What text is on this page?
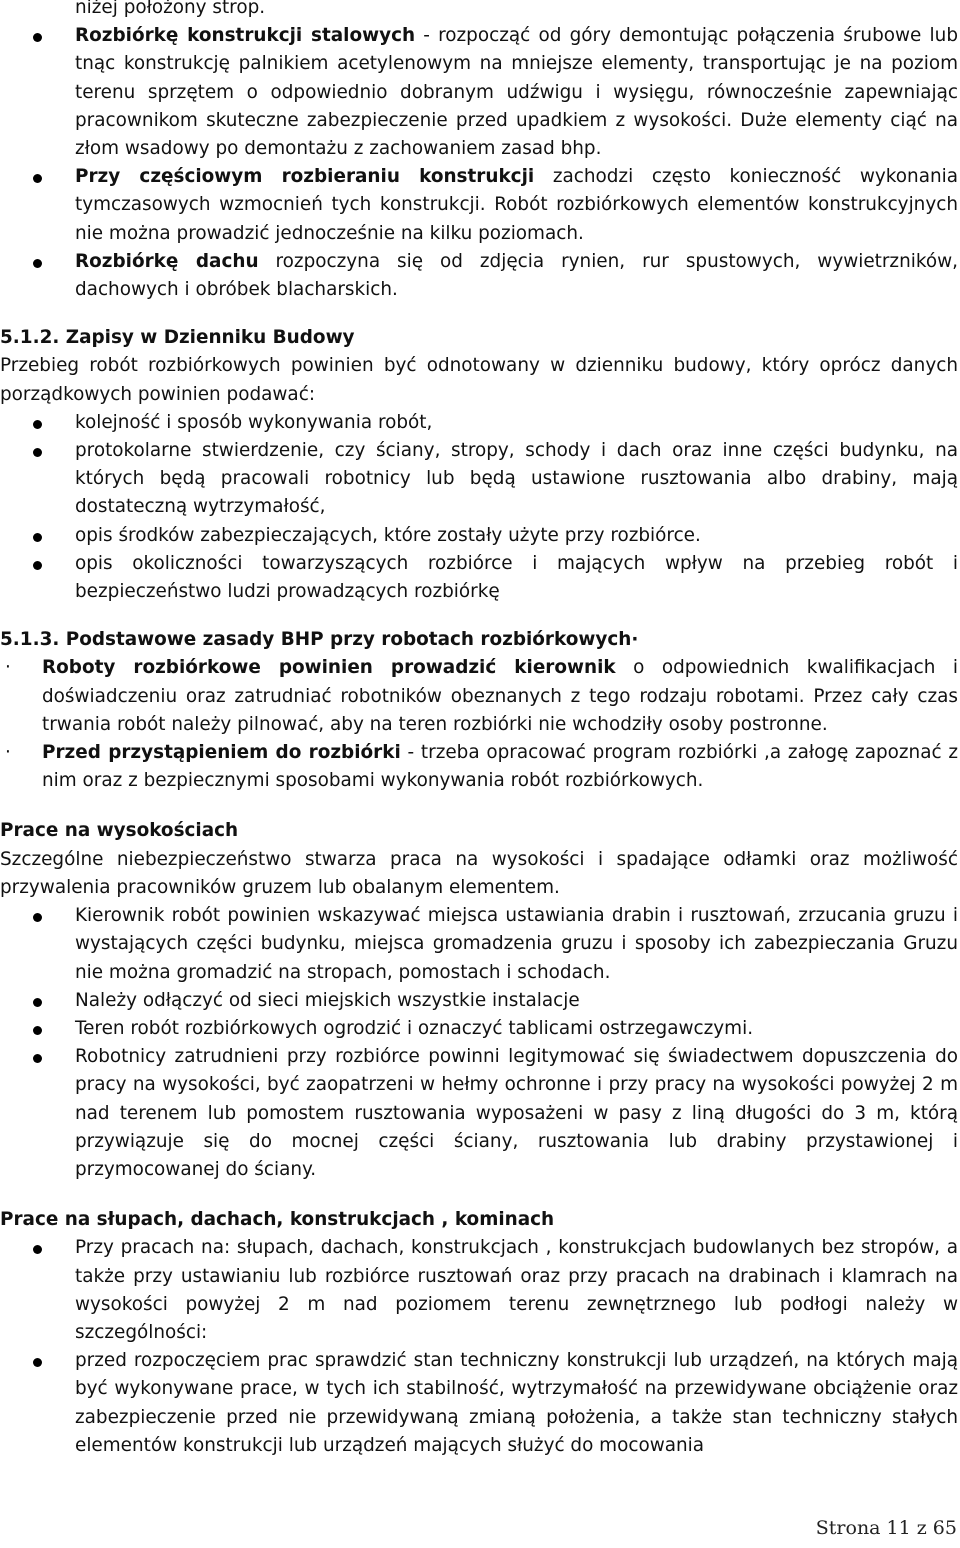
niżej położony strop.

Rozbiórkę konstrukcji stalowych - rozpocząć od góry demontując połączenia śrubowe lub tnąc konstrukcję palnikiem acetylenowym na mniejsze elementy, transportując je na poziom terenu sprzętem o odpowiednio dobranym udźwigu i wysięgu, równocześnie zapewniając pracownikom skuteczne zabezpieczenie przed upadkiem z wysokości. Duże elementy ciąć na złom wsadowy po demontażu z zachowaniem zasad bhp.
Przy częściowym rozbieraniu konstrukcji zachodzi często konieczność wykonania tymczasowych wzmocnień tych konstrukcji. Robót rozbiórkowych elementów konstrukcyjnych nie można prowadzić jednocześnie na kilku poziomach.
Rozbiórkę dachu rozpoczyna się od zdjęcia rynien, rur spustowych, wywietrzników, dachowych i obróbek blacharskich.

5.1.2. Zapisy w Dzienniku Budowy

Przebieg robót rozbiórkowych powinien być odnotowany w dzienniku budowy, który oprócz danych porządkowych powinien podawać:

kolejność i sposób wykonywania robót,
protokolarne stwierdzenie, czy ściany, stropy, schody i dach oraz inne części budynku, na których będą pracowali robotnicy lub będą ustawione rusztowania albo drabiny, mają dostateczną wytrzymałość,
opis środków zabezpieczających, które zostały użyte przy rozbiórce.
opis okoliczności towarzyszących rozbiórce i mających wpływ na przebieg robót i bezpieczeństwo ludzi prowadzących rozbiórkę

5.1.3. Podstawowe zasady BHP przy robotach rozbiórkowych·

· Roboty rozbiórkowe powinien prowadzić kierownik o odpowiednich kwalifikacjach i doświadczeniu oraz zatrudniać robotników obeznanych z tego rodzaju robotami. Przez cały czas trwania robót należy pilnować, aby na teren rozbiórki nie wchodziły osoby postronne.
· Przed przystąpieniem do rozbiórki - trzeba opracować program rozbiórki ,a załogę zapoznać z nim oraz z bezpiecznymi sposobami wykonywania robót rozbiórkowych.

Prace na wysokościach

Szczególne niebezpieczeństwo stwarza praca na wysokości i spadające odłamki oraz możliwość przywalenia pracowników gruzem lub obalanym elementem.

Kierownik robót powinien wskazywać miejsca ustawiania drabin i rusztowań, zrzucania gruzu i wystających części budynku, miejsca gromadzenia gruzu i sposoby ich zabezpieczania Gruzu nie można gromadzić na stropach, pomostach i schodach.
Należy odłączyć od sieci miejskich wszystkie instalacje
Teren robót rozbiórkowych ogrodzić i oznaczyć tablicami ostrzegawczymi.
Robotnicy zatrudnieni przy rozbiórce powinni legitymować się świadectwem dopuszczenia do pracy na wysokości, być zaopatrzeni w hełmy ochronne i przy pracy na wysokości powyżej 2 m nad terenem lub pomostem rusztowania wyposażeni w pasy z liną długości do 3 m, którą przywiązuje się do mocnej części ściany, rusztowania lub drabiny przystawionej i przymocowanej do ściany.

Prace na słupach, dachach, konstrukcjach , kominach

Przy pracach na: słupach, dachach, konstrukcjach , konstrukcjach budowlanych bez stropów, a także przy ustawianiu lub rozbiórce rusztowań oraz przy pracach na drabinach i klamrach na wysokości powyżej 2 m nad poziomem terenu zewnętrznego lub podłogi należy w szczególności:
przed rozpoczęciem prac sprawdzić stan techniczny konstrukcji lub urządzeń, na których mają być wykonywane prace, w tych ich stabilność, wytrzymałość na przewidywane obciążenie oraz zabezpieczenie przed nie przewidywaną zmianą położenia, a także stan techniczny stałych elementów konstrukcji lub urządzeń mających służyć do mocowania
Strona 11 z 65
